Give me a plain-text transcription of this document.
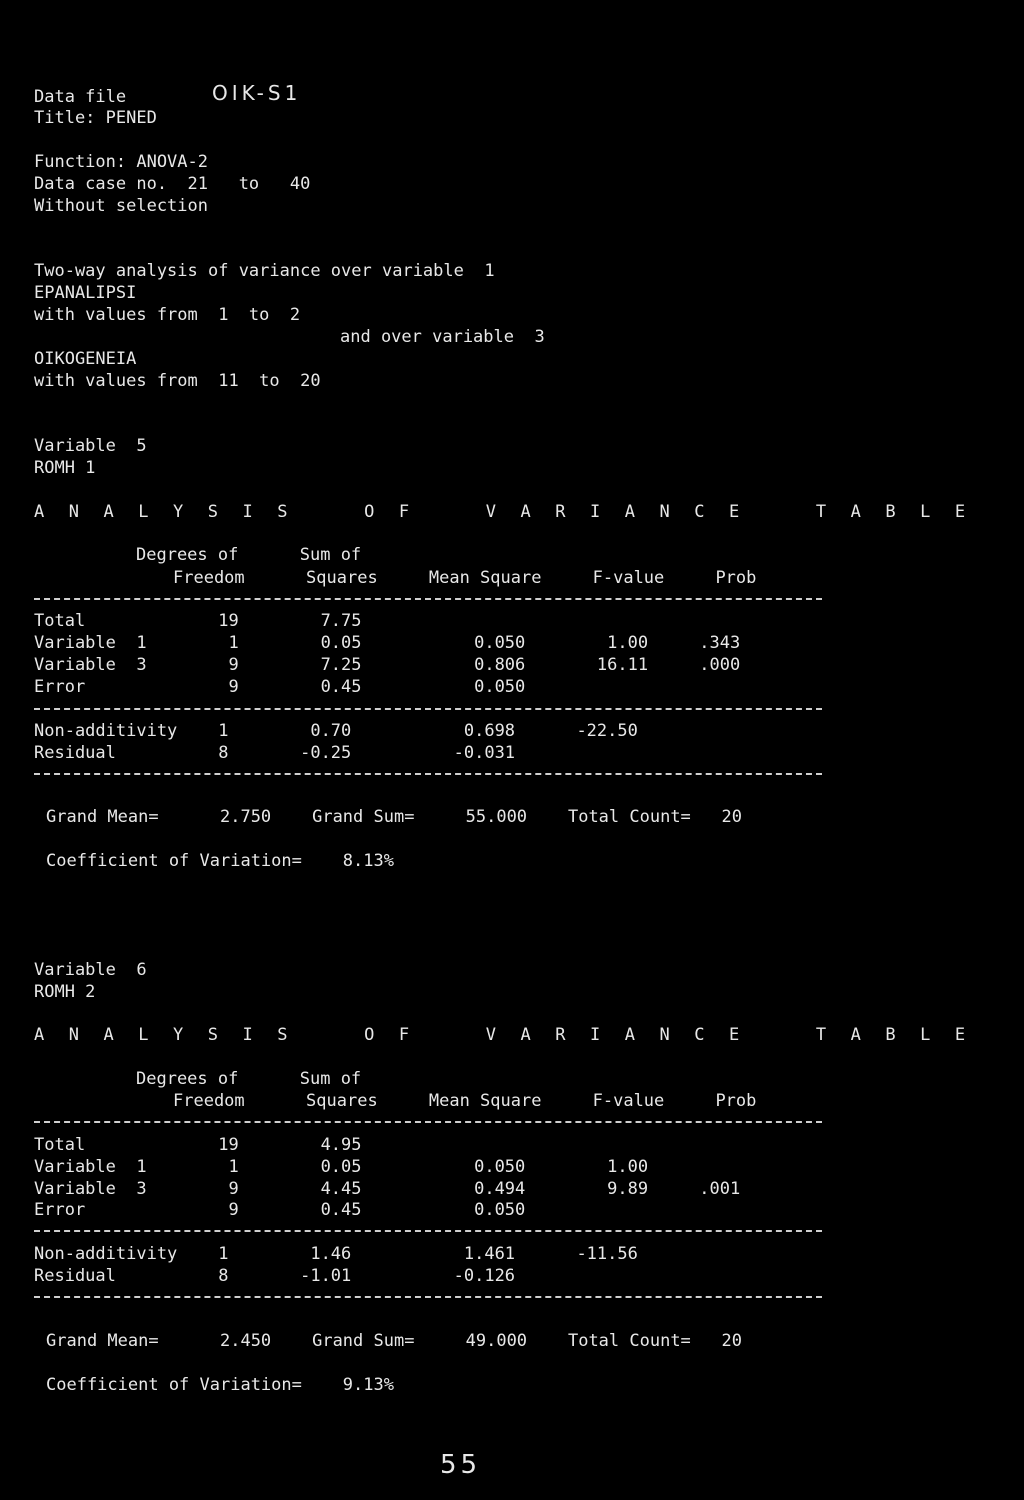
Data file	OIK-S1
Title: PENED
Function: ANOVA-2
Data case no.  21   to   40
Without selection
Two-way analysis of variance over variable  1
EPANALIPSI
with values from  1  to  2
and over variable  3
OIKOGENEIA
with values from  11  to  20
Variable  5
ROMH 1
A N A L Y S I S    O F    V A R I A N C E    T A B L E
Degrees of      Sum of
Freedom      Squares     Mean Square     F-value     Prob
Total             19        7.75
Variable  1        1        0.05           0.050        1.00     .343
Variable  3        9        7.25           0.806       16.11     .000
Error              9        0.45           0.050
Non-additivity    1        0.70           0.698      -22.50
Residual          8       -0.25          -0.031
Grand Mean=      2.750    Grand Sum=     55.000    Total Count=   20
Coefficient of Variation=    8.13%
Variable  6
ROMH 2
A N A L Y S I S    O F    V A R I A N C E    T A B L E
Degrees of      Sum of
Freedom      Squares     Mean Square     F-value     Prob
Total             19        4.95
Variable  1        1        0.05           0.050        1.00
Variable  3        9        4.45           0.494        9.89     .001
Error              9        0.45           0.050
Non-additivity    1        1.46           1.461      -11.56
Residual          8       -1.01          -0.126
Grand Mean=      2.450    Grand Sum=     49.000    Total Count=   20
Coefficient of Variation=    9.13%
55
